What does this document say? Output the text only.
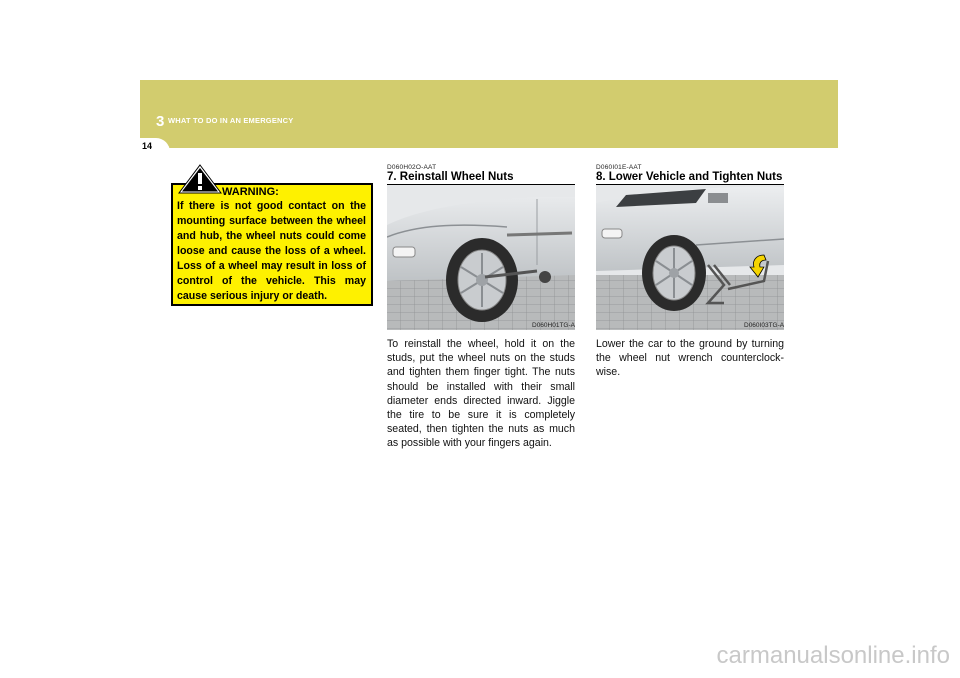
3 WHAT TO DO IN AN EMERGENCY
14
WARNING:
If there is not good contact on the mounting surface between the wheel and hub, the wheel nuts could come loose and cause the loss of a wheel. Loss of a wheel may result in loss of control of the vehicle. This may cause serious injury or death.
D060H02O-AAT
7. Reinstall Wheel Nuts
D060H01TG-A
To reinstall the wheel, hold it on the studs, put the wheel nuts on the studs and tighten them finger tight. The nuts should be installed with their small diameter ends directed inward. Jiggle the tire to be sure it is completely seated, then tighten the nuts as much as possible with your fingers again.
D060I01E-AAT
8. Lower Vehicle and Tighten Nuts
D060I03TG-A
Lower the car to the ground by turning the wheel nut wrench counterclock-wise.
carmanualsonline.info
